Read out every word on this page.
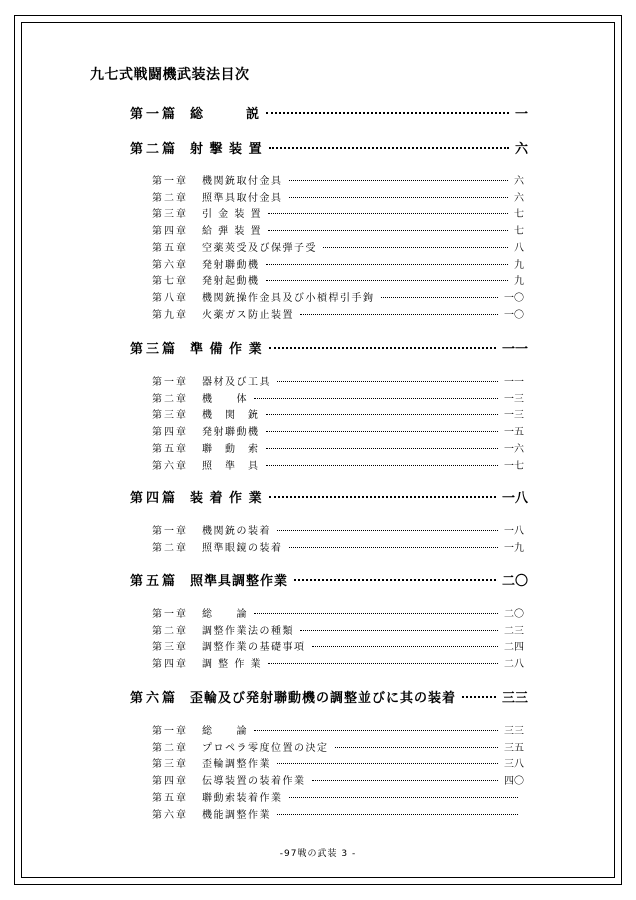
九七式戦闘機武装法目次
第一篇 総　　　説	一
第二篇 射 撃 装 置	六
第一章	機関銃取付金具	六
第二章	照準具取付金具	六
第三章	引 金 装 置	七
第四章	給 弾 装 置	七
第五章	空薬莢受及び保弾子受	八
第六章	発射聯動機	九
第七章	発射起動機	九
第八章	機関銃操作金具及び小槓桿引手鉤	一〇
第九章	火薬ガス防止装置	一〇
第三篇 準 備 作 業	一一
第一章	器材及び工具	一一
第二章	機　　体	一三
第三章	機　関　銃	一三
第四章	発射聯動機	一五
第五章	聯　動　索	一六
第六章	照　準　具	一七
第四篇 装 着 作 業	一八
第一章	機関銃の装着	一八
第二章	照準眼鏡の装着	一九
第五篇 照準具調整作業	二〇
第一章	総　　論	二〇
第二章	調整作業法の種類	二三
第三章	調整作業の基礎事項	二四
第四章	調 整 作 業	二八
第六篇 歪輪及び発射聯動機の調整並びに其の装着	三三
第一章	総　　論	三三
第二章	プロペラ零度位置の決定	三五
第三章	歪輪調整作業	三八
第四章	伝導装置の装着作業	四〇
第五章	聯動索装着作業
第六章	機能調整作業
-97戦の武装 3 -
